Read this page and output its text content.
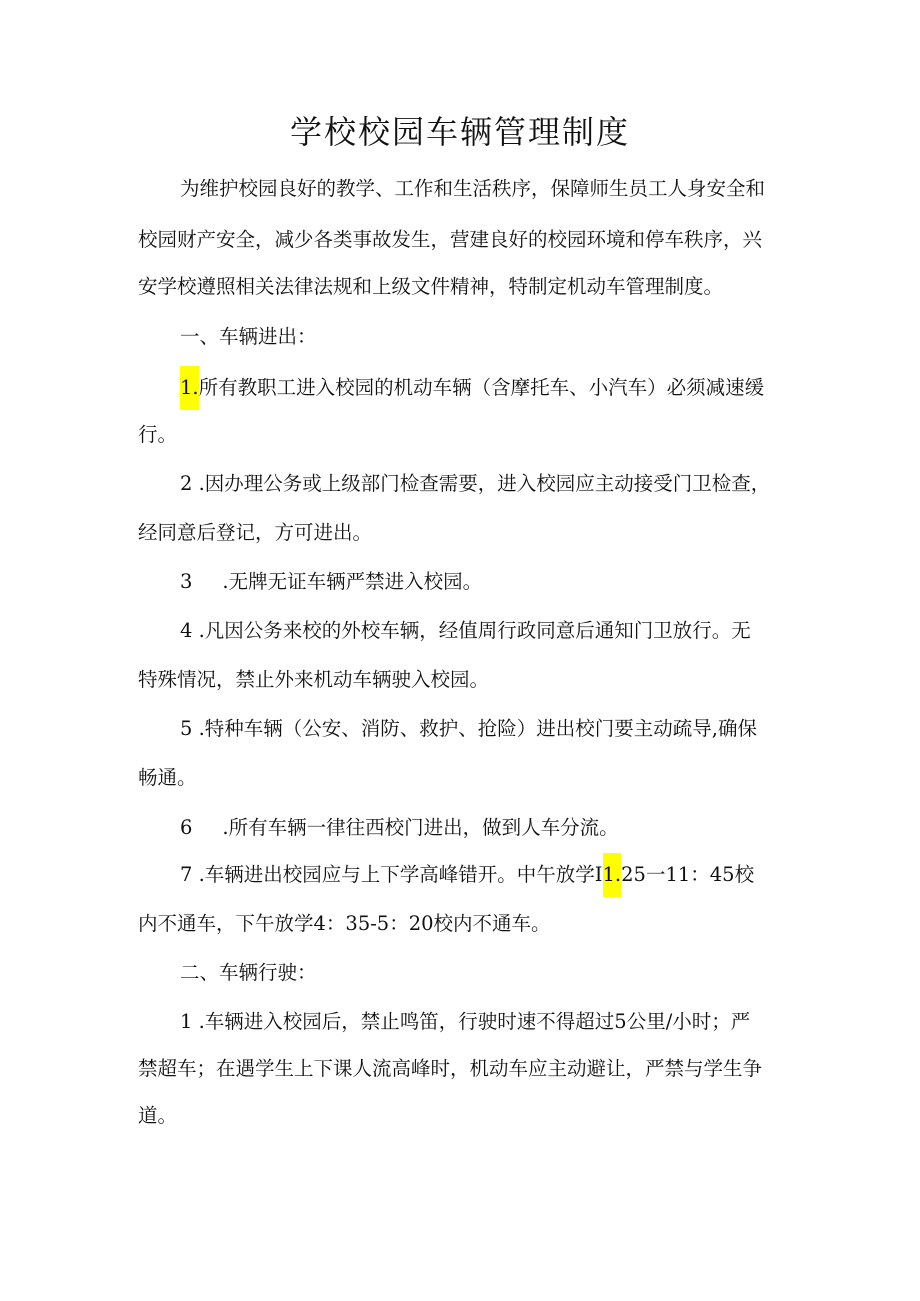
学校校园车辆管理制度

为维护校园良好的教学、工作和生活秩序，保障师生员工人身安全和

校园财产安全，减少各类事故发生，营建良好的校园环境和停车秩序，兴

安学校遵照相关法律法规和上级文件精神，特制定机动车管理制度。

一、车辆进出：

1.所有教职工进入校园的机动车辆（含摩托车、小汽车）必须减速缓

行。

2 .因办理公务或上级部门检查需要，进入校园应主动接受门卫检查，

经同意后登记，方可进出。

3 .无牌无证车辆严禁进入校园。

4 .凡因公务来校的外校车辆，经值周行政同意后通知门卫放行。无

特殊情况，禁止外来机动车辆驶入校园。

5 .特种车辆（公安、消防、救护、抢险）进出校门要主动疏导,确保

畅通。

6 .所有车辆一律往西校门进出，做到人车分流。

7 .车辆进出校园应与上下学高峰错开。中午放学I1.25一11：45校

内不通车，下午放学4：35-5：20校内不通车。

二、车辆行驶：

1 .车辆进入校园后，禁止鸣笛，行驶时速不得超过5公里/小时；严

禁超车；在遇学生上下课人流高峰时，机动车应主动避让，严禁与学生争

道。
